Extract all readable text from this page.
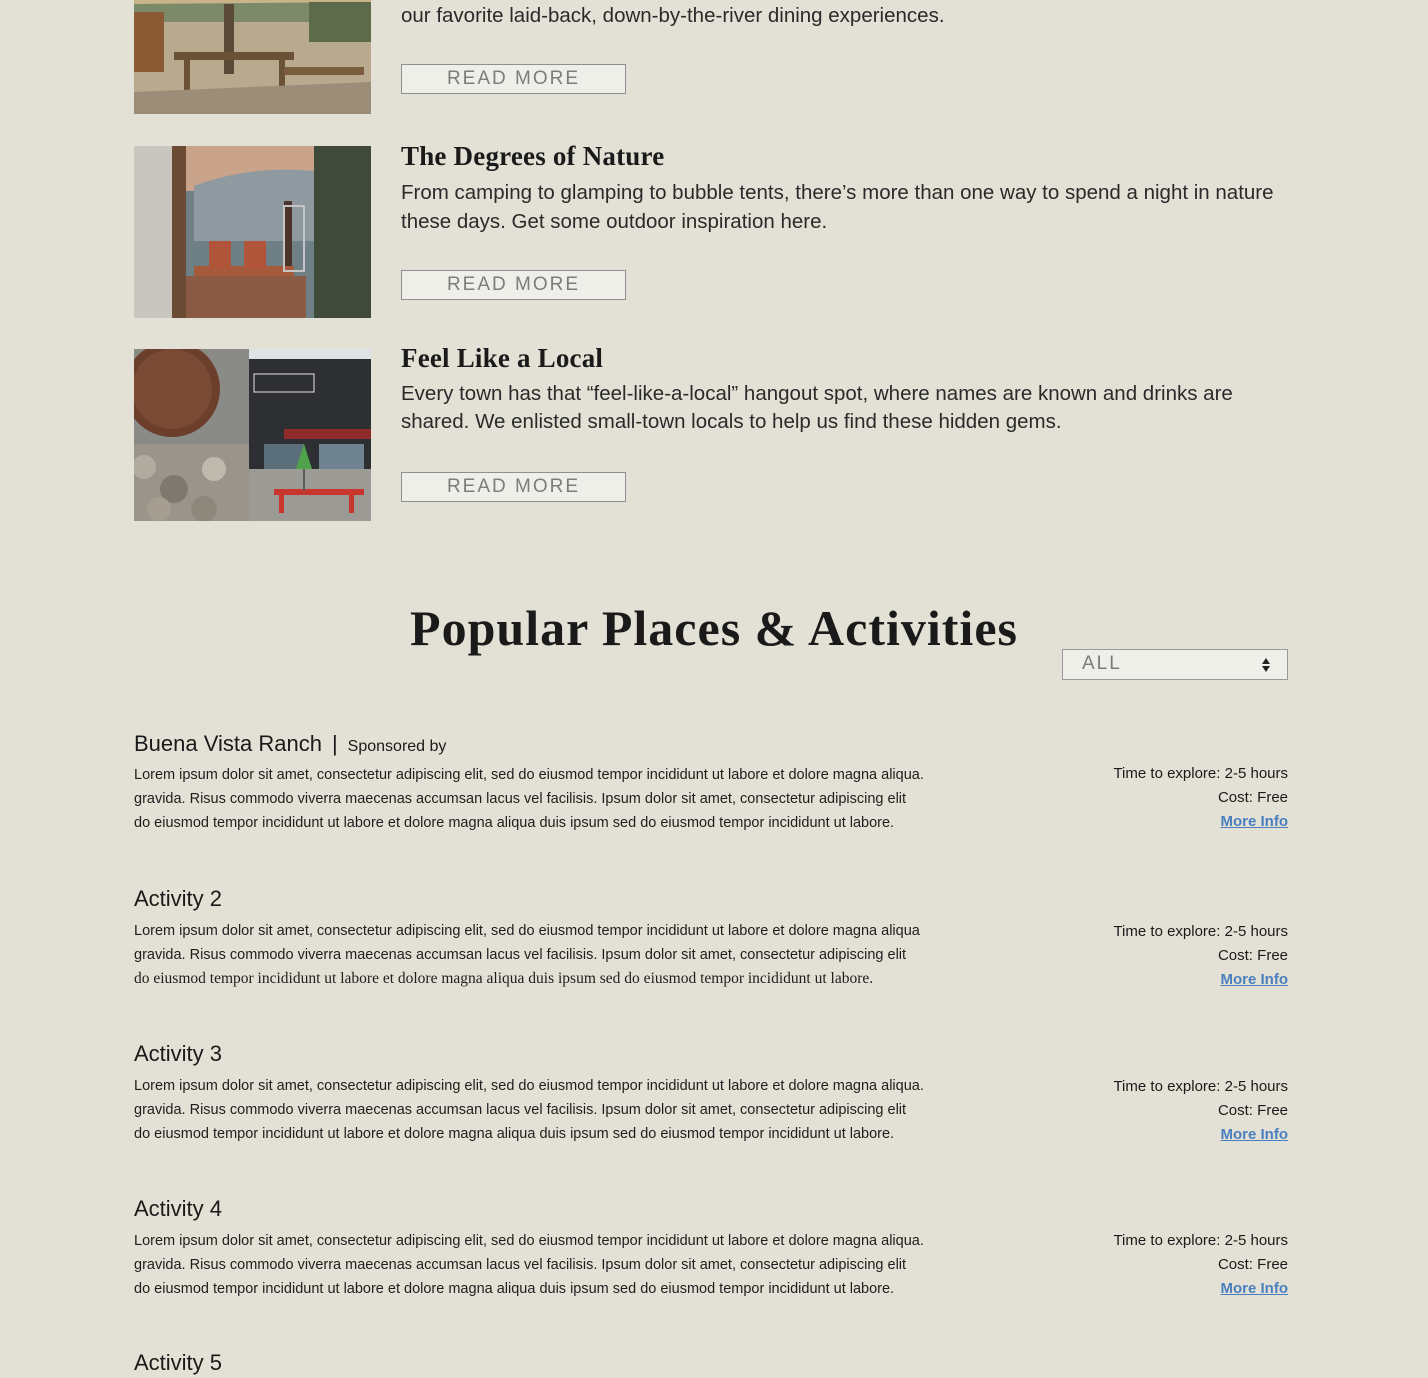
our favorite laid-back, down-by-the-river dining experiences.

READ MORE
The Degrees of Nature

From camping to glamping to bubble tents, there’s more than one way to spend a night in nature these days. Get some outdoor inspiration here.

READ MORE
Feel Like a Local

Every town has that “feel-like-a-local” hangout spot, where names are known and drinks are shared. We enlisted small-town locals to help us find these hidden gems.

READ MORE
Popular Places & Activities
ALL
Buena Vista Ranch | Sponsored by

Lorem ipsum dolor sit amet, consectetur adipiscing elit, sed do eiusmod tempor incididunt ut labore et dolore magna aliqua.

gravida. Risus commodo viverra maecenas accumsan lacus vel facilisis. Ipsum dolor sit amet, consectetur adipiscing elit

do eiusmod tempor incididunt ut labore et dolore magna aliqua duis ipsum sed do eiusmod tempor incididunt ut labore.

Time to explore: 2-5 hours
Cost: Free
More Info
Activity 2

Lorem ipsum dolor sit amet, consectetur adipiscing elit, sed do eiusmod tempor incididunt ut labore et dolore magna aliqua

gravida. Risus commodo viverra maecenas accumsan lacus vel facilisis. Ipsum dolor sit amet, consectetur adipiscing elit

do eiusmod tempor incididunt ut labore et dolore magna aliqua duis ipsum sed do eiusmod tempor incididunt ut labore.

Time to explore: 2-5 hours
Cost: Free
More Info
Activity 3

Lorem ipsum dolor sit amet, consectetur adipiscing elit, sed do eiusmod tempor incididunt ut labore et dolore magna aliqua.

gravida. Risus commodo viverra maecenas accumsan lacus vel facilisis. Ipsum dolor sit amet, consectetur adipiscing elit

do eiusmod tempor incididunt ut labore et dolore magna aliqua duis ipsum sed do eiusmod tempor incididunt ut labore.

Time to explore: 2-5 hours
Cost: Free
More Info
Activity 4

Lorem ipsum dolor sit amet, consectetur adipiscing elit, sed do eiusmod tempor incididunt ut labore et dolore magna aliqua.

gravida. Risus commodo viverra maecenas accumsan lacus vel facilisis. Ipsum dolor sit amet, consectetur adipiscing elit

do eiusmod tempor incididunt ut labore et dolore magna aliqua duis ipsum sed do eiusmod tempor incididunt ut labore.

Time to explore: 2-5 hours
Cost: Free
More Info
Activity 5
